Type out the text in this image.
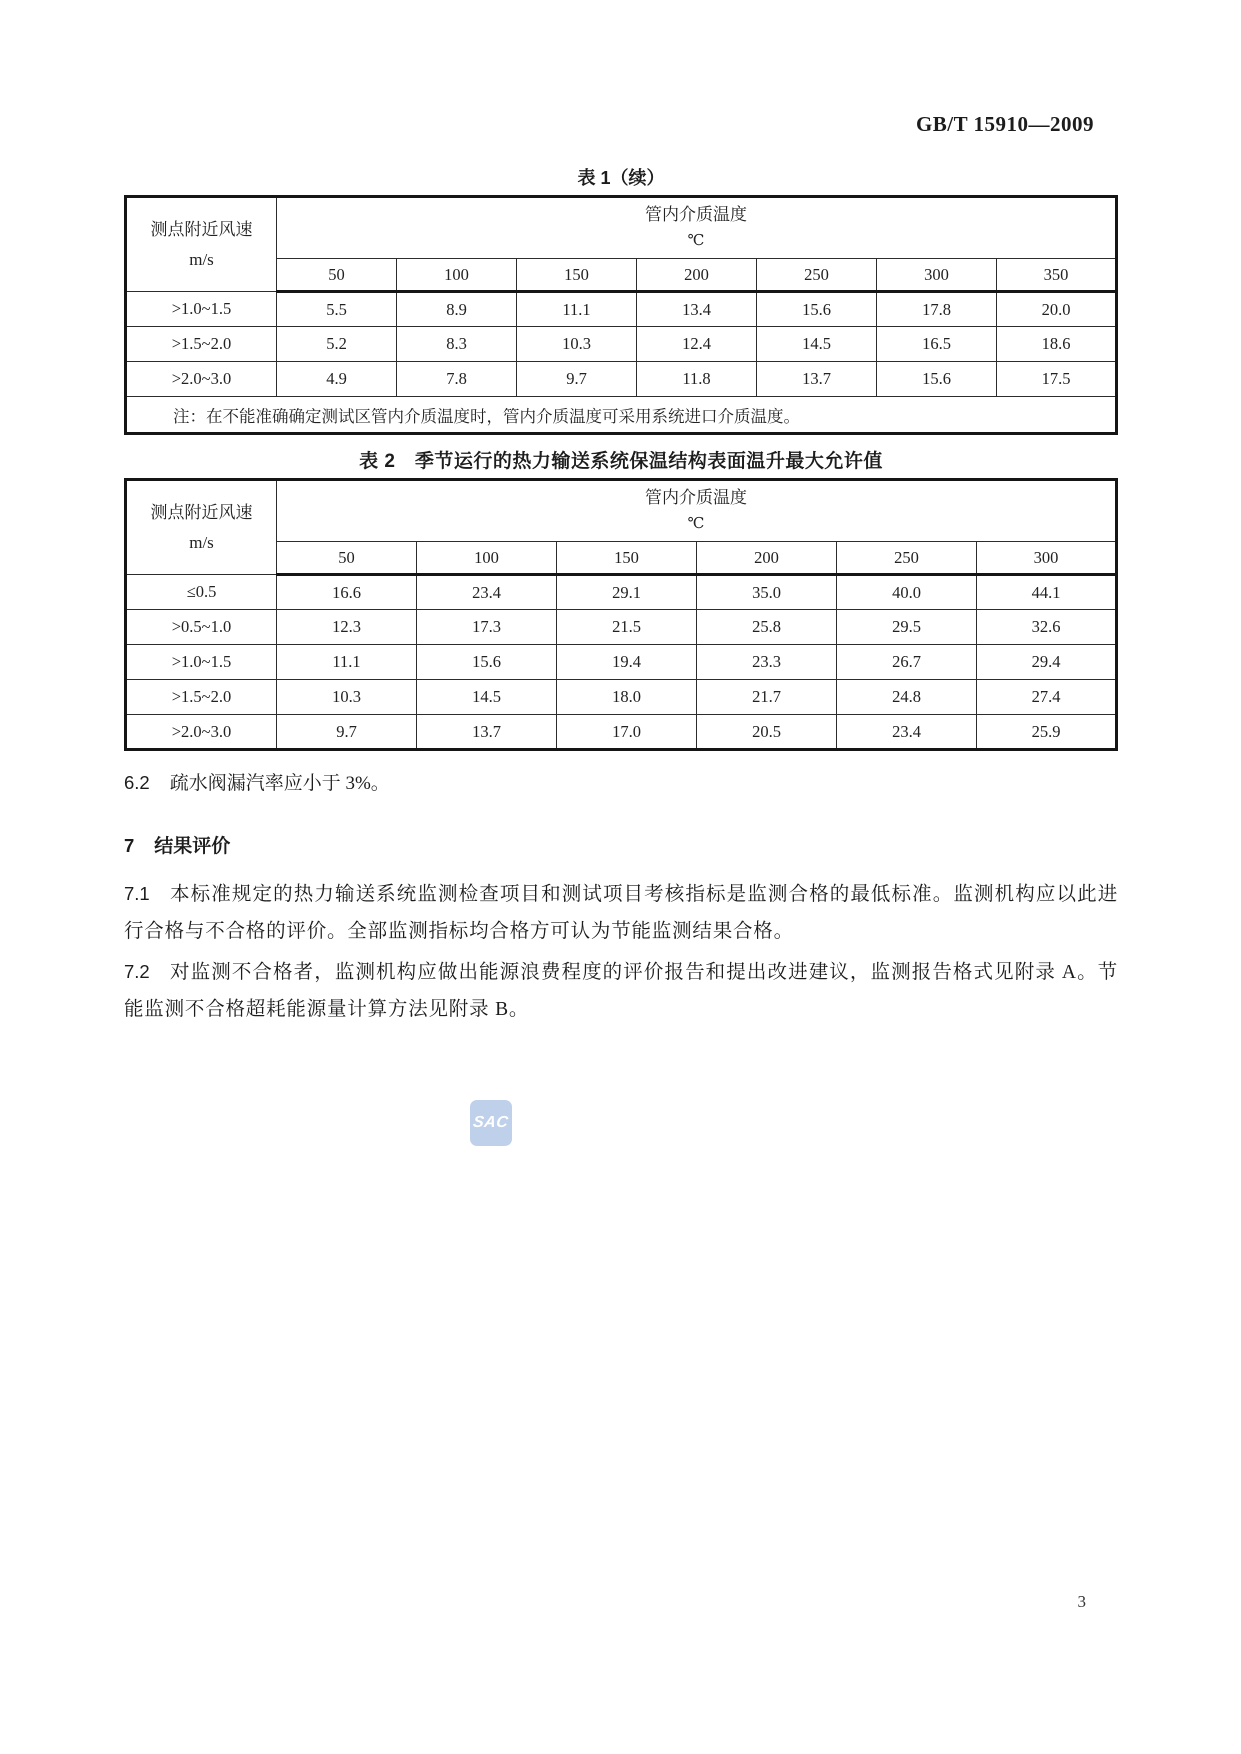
GB/T 15910—2009
表 1（续）
测点附近风速
m/s

管内介质温度
℃

	50	100	150	200	250	300	350
>1.0~1.5	5.5	8.9	11.1	13.4	15.6	17.8	20.0
>1.5~2.0	5.2	8.3	10.3	12.4	14.5	16.5	18.6
>2.0~3.0	4.9	7.8	9.7	11.8	13.7	15.6	17.5
注：在不能准确确定测试区管内介质温度时，管内介质温度可采用系统进口介质温度。							
表 2　季节运行的热力输送系统保温结构表面温升最大允许值
测点附近风速
m/s

管内介质温度
℃

	50	100	150	200	250	300
≤0.5	16.6	23.4	29.1	35.0	40.0	44.1
>0.5~1.0	12.3	17.3	21.5	25.8	29.5	32.6
>1.0~1.5	11.1	15.6	19.4	23.3	26.7	29.4
>1.5~2.0	10.3	14.5	18.0	21.7	24.8	27.4
>2.0~3.0	9.7	13.7	17.0	20.5	23.4	25.9
6.2 疏水阀漏汽率应小于 3%。
7 结果评价
7.1 本标准规定的热力输送系统监测检查项目和测试项目考核指标是监测合格的最低标准。监测机构应以此进行合格与不合格的评价。全部监测指标均合格方可认为节能监测结果合格。
7.2 对监测不合格者，监测机构应做出能源浪费程度的评价报告和提出改进建议，监测报告格式见附录 A。节能监测不合格超耗能源量计算方法见附录 B。
SAC
3
